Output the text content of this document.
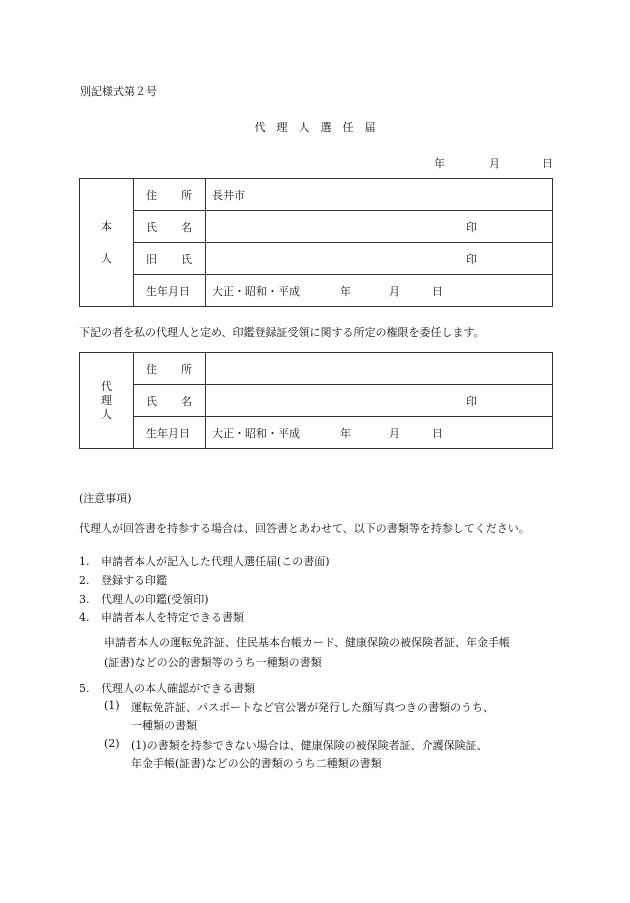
別記様式第２号
代理人選任届
年	月	日
本
人	住 所	長井市

	氏 名	印

	旧 氏	印

	生年月日	大正・昭和・平成 年 月 日
下記の者を私の代理人と定め、印鑑登録証受領に関する所定の権限を委任します。
代
理
人	住 所	

	氏 名	印

	生年月日	大正・昭和・平成 年 月 日
(注意事項)
代理人が回答書を持参する場合は、回答書とあわせて、以下の書類等を持参してください。
1. 申請者本人が記入した代理人選任届(この書面)
2. 登録する印鑑
3. 代理人の印鑑(受領印)
4. 申請者本人を特定できる書類
申請者本人の運転免許証、住民基本台帳カード、健康保険の被保険者証、年金手帳
(証書)などの公的書類等のうち一種類の書類
5. 代理人の本人確認ができる書類
(1) 運転免許証、パスポートなど官公署が発行した顔写真つきの書類のうち、
一種類の書類
(2) (1)の書類を持参できない場合は、健康保険の被保険者証、介護保険証、
年金手帳(証書)などの公的書類のうち二種類の書類
